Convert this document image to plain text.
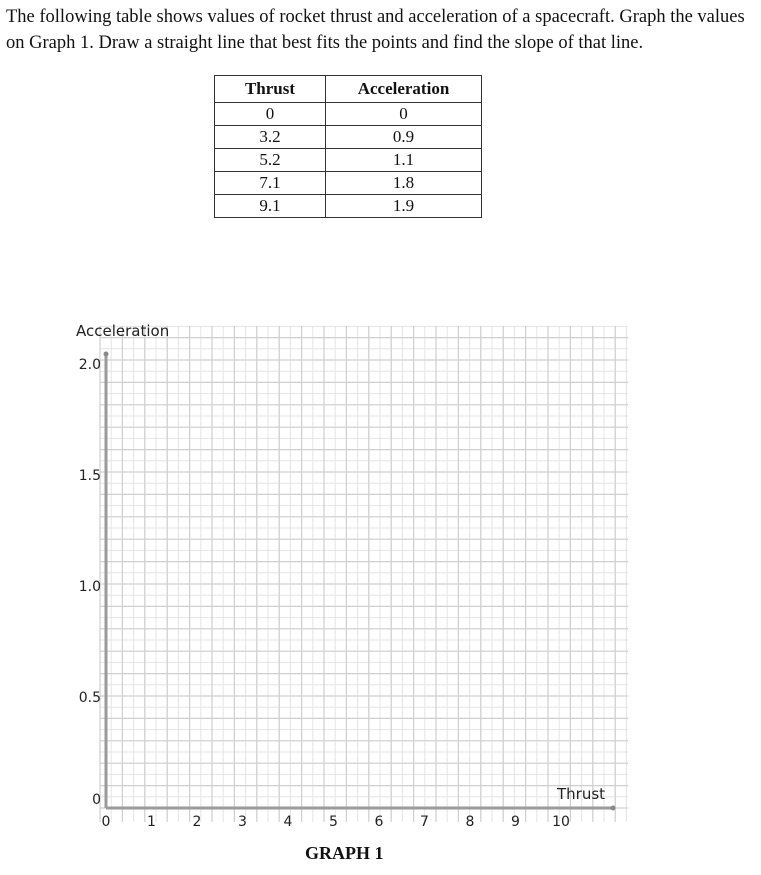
The following table shows values of rocket thrust and acceleration of a spacecraft. Graph the values on Graph 1. Draw a straight line that best fits the points and find the slope of that line.

Thrust	Acceleration
0	0
3.2	0.9
5.2	1.1
7.1	1.8
9.1	1.9
0	1	2	3	4	5	6	7	8	9 10
0
0.5
1.0
1.5
2.0
Acceleration
Thrust
GRAPH 1
